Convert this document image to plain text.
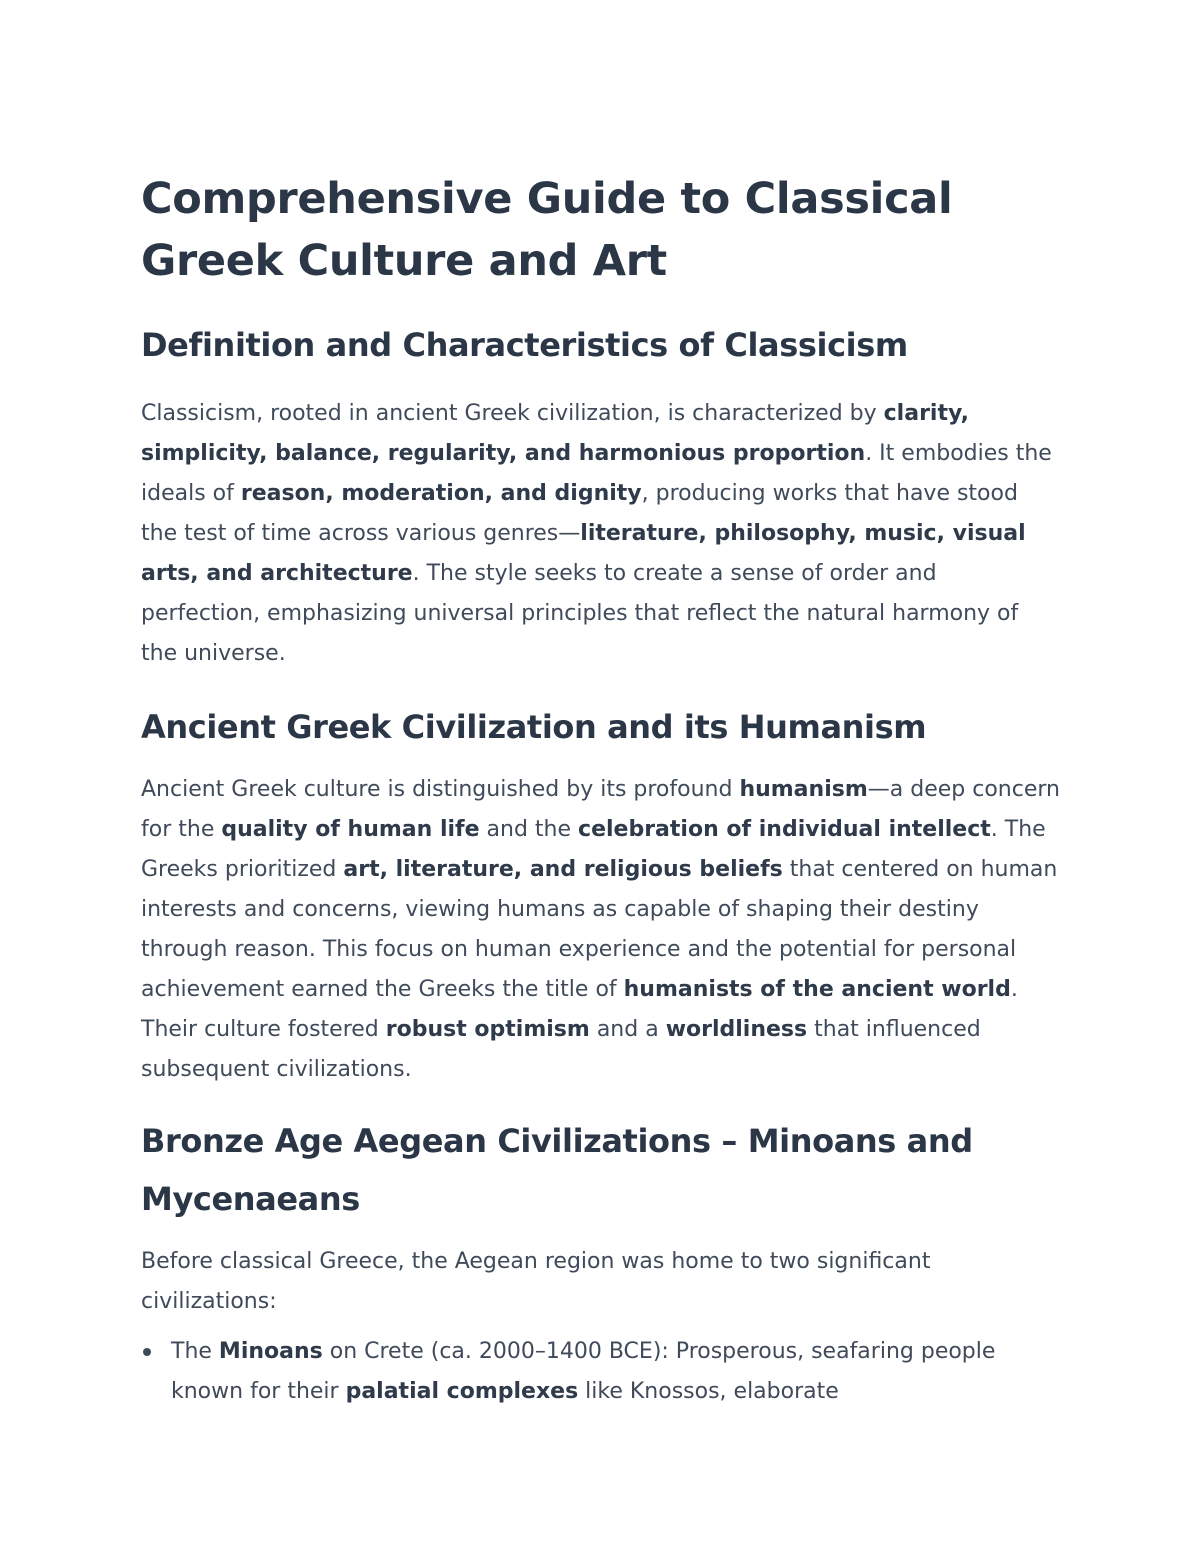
Comprehensive Guide to Classical Greek Culture and Art
Definition and Characteristics of Classicism

Classicism, rooted in ancient Greek civilization, is characterized by clarity, simplicity, balance, regularity, and harmonious proportion. It embodies the ideals of reason, moderation, and dignity, producing works that have stood the test of time across various genres—literature, philosophy, music, visual arts, and architecture. The style seeks to create a sense of order and perfection, emphasizing universal principles that reflect the natural harmony of the universe.

Ancient Greek Civilization and its Humanism

Ancient Greek culture is distinguished by its profound humanism—a deep concern for the quality of human life and the celebration of individual intellect. The Greeks prioritized art, literature, and religious beliefs that centered on human interests and concerns, viewing humans as capable of shaping their destiny through reason. This focus on human experience and the potential for personal achievement earned the Greeks the title of humanists of the ancient world. Their culture fostered robust optimism and a worldliness that influenced subsequent civilizations.

Bronze Age Aegean Civilizations – Minoans and Mycenaeans

Before classical Greece, the Aegean region was home to two significant civilizations:

The Minoans on Crete (ca. 2000–1400 BCE): Prosperous, seafaring people known for their palatial complexes like Knossos, elaborate
